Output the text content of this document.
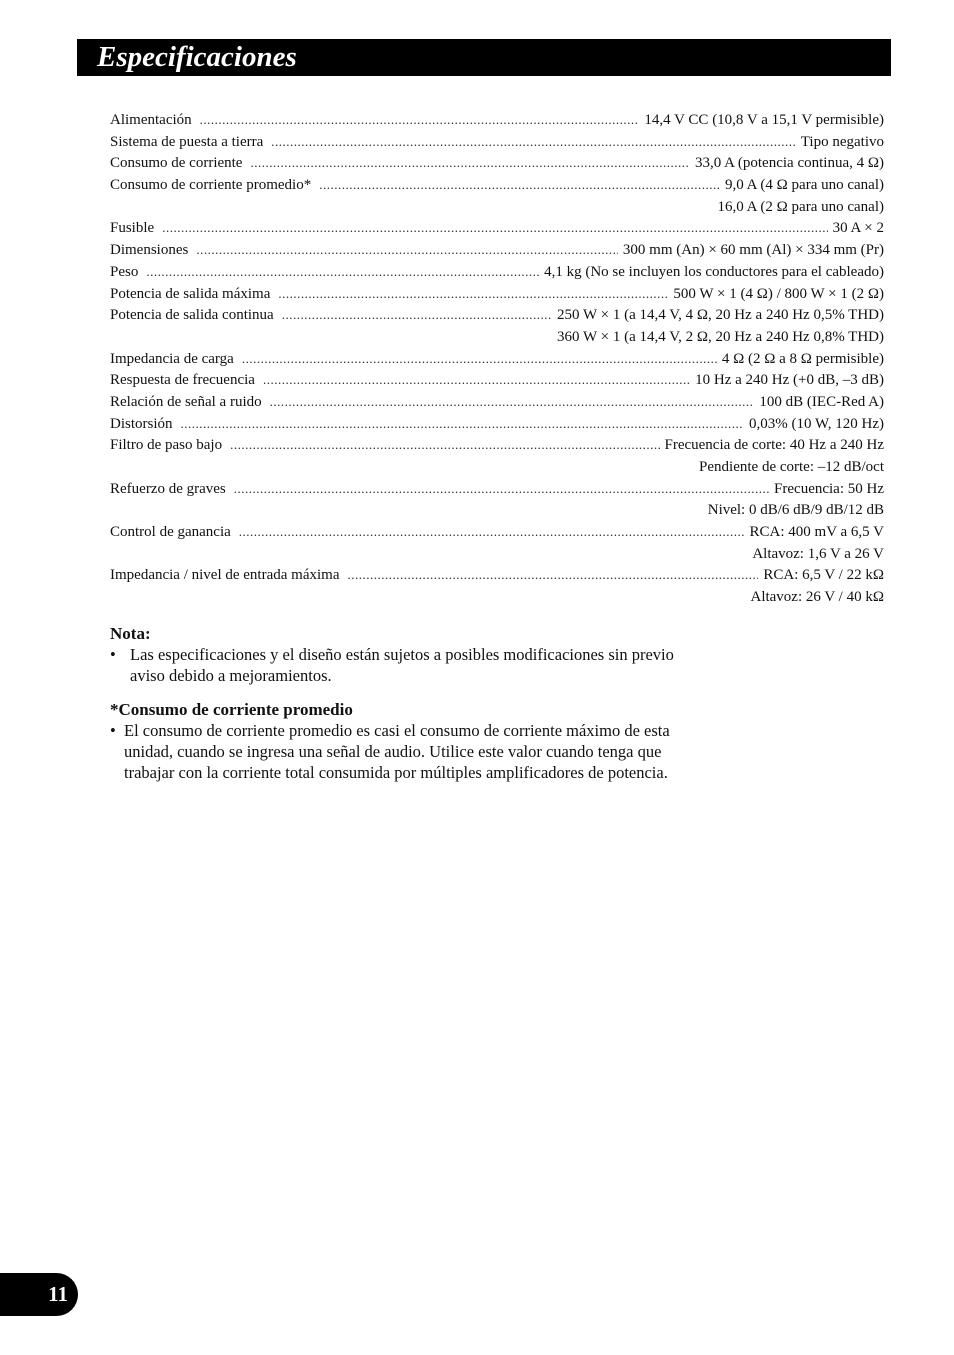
Especificaciones
Alimentación .....	14,4 V CC (10,8 V a 15,1 V permisible)
Sistema de puesta a tierra .....	Tipo negativo
Consumo de corriente .....	33,0 A (potencia continua, 4 Ω)
Consumo de corriente promedio* .....	9,0 A (4 Ω para uno canal)
16,0 A (2 Ω para uno canal)
Fusible .....	30 A × 2
Dimensiones .....	300 mm (An) × 60 mm (Al) × 334 mm (Pr)
Peso .....	4,1 kg (No se incluyen los conductores para el cableado)
Potencia de salida máxima .....	500 W × 1 (4 Ω) / 800 W × 1 (2 Ω)
Potencia de salida continua .....	250 W × 1 (a 14,4 V, 4 Ω, 20 Hz a 240 Hz 0,5% THD)
360 W × 1 (a 14,4 V, 2 Ω, 20 Hz a 240 Hz 0,8% THD)
Impedancia de carga .....	4 Ω (2 Ω a 8 Ω permisible)
Respuesta de frecuencia .....	10 Hz a 240 Hz (+0 dB, –3 dB)
Relación de señal a ruido .....	100 dB (IEC-Red A)
Distorsión .....	0,03% (10 W, 120 Hz)
Filtro de paso bajo .....	Frecuencia de corte: 40 Hz a 240 Hz
Pendiente de corte: –12 dB/oct
Refuerzo de graves .....	Frecuencia: 50 Hz
Nivel: 0 dB/6 dB/9 dB/12 dB
Control de ganancia .....	RCA: 400 mV a 6,5 V
Altavoz: 1,6 V a 26 V
Impedancia / nivel de entrada máxima .....	RCA: 6,5 V / 22 kΩ
Altavoz: 26 V / 40 kΩ
Nota:
• Las especificaciones y el diseño están sujetos a posibles modificaciones sin previo
aviso debido a mejoramientos.
*Consumo de corriente promedio
• El consumo de corriente promedio es casi el consumo de corriente máximo de esta
unidad, cuando se ingresa una señal de audio. Utilice este valor cuando tenga que
trabajar con la corriente total consumida por múltiples amplificadores de potencia.
11
